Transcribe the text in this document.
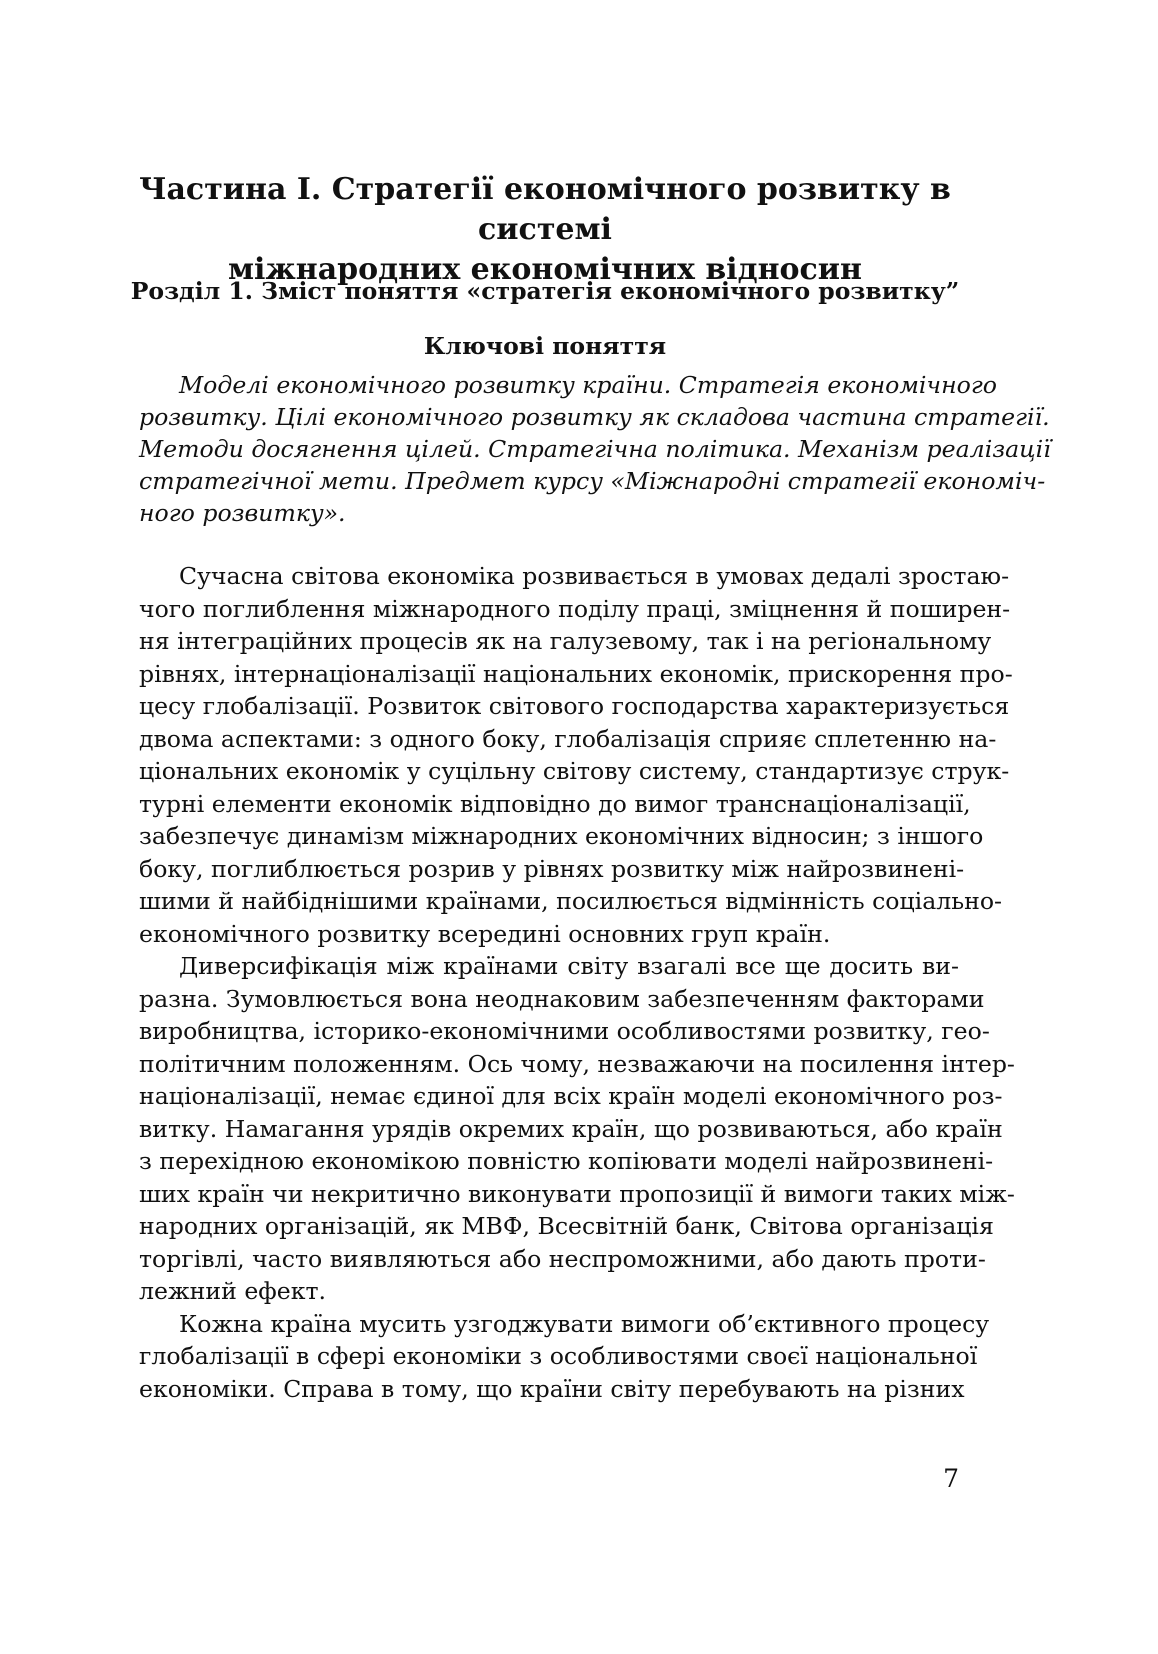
Частина І. Стратегії економічного розвитку в системі
міжнародних економічних відносин
Розділ 1. Зміст поняття «стратегія економічного розвитку”
Ключові поняття
Моделі економічного розвитку країни. Стратегія економічного
розвитку. Цілі економічного розвитку як складова частина стратегії.
Методи досягнення цілей. Стратегічна політика. Механізм реалізації
стратегічної мети. Предмет курсу «Міжнародні стратегії економіч-
ного розвитку».
Сучасна світова економіка розвивається в умовах дедалі зростаю-
чого поглиблення міжнародного поділу праці, зміцнення й поширен-
ня інтеграційних процесів як на галузевому, так і на регіональному
рівнях, інтернаціоналізації національних економік, прискорення про-
цесу глобалізації. Розвиток світового господарства характеризується
двома аспектами: з одного боку, глобалізація сприяє сплетенню на-
ціональних економік у суцільну світову систему, стандартизує струк-
турні елементи економік відповідно до вимог транснаціоналізації,
забезпечує динамізм міжнародних економічних відносин; з іншого
боку, поглиблюється розрив у рівнях розвитку між найрозвинені-
шими й найбіднішими країнами, посилюється відмінність соціально-
економічного розвитку всередині основних груп країн.
Диверсифікація між країнами світу взагалі все ще досить ви-
разна. Зумовлюється вона неоднаковим забезпеченням факторами
виробництва, історико-економічними особливостями розвитку, гео-
політичним положенням. Ось чому, незважаючи на посилення інтер-
націоналізації, немає єдиної для всіх країн моделі економічного роз-
витку. Намагання урядів окремих країн, що розвиваються, або країн
з перехідною економікою повністю копіювати моделі найрозвинені-
ших країн чи некритично виконувати пропозиції й вимоги таких між-
народних організацій, як МВФ, Всесвітній банк, Світова організація
торгівлі, часто виявляються або неспроможними, або дають проти-
лежний ефект.
Кожна країна мусить узгоджувати вимоги об’єктивного процесу
глобалізації в сфері економіки з особливостями своєї національної
економіки. Справа в тому, що країни світу перебувають на різних
7
